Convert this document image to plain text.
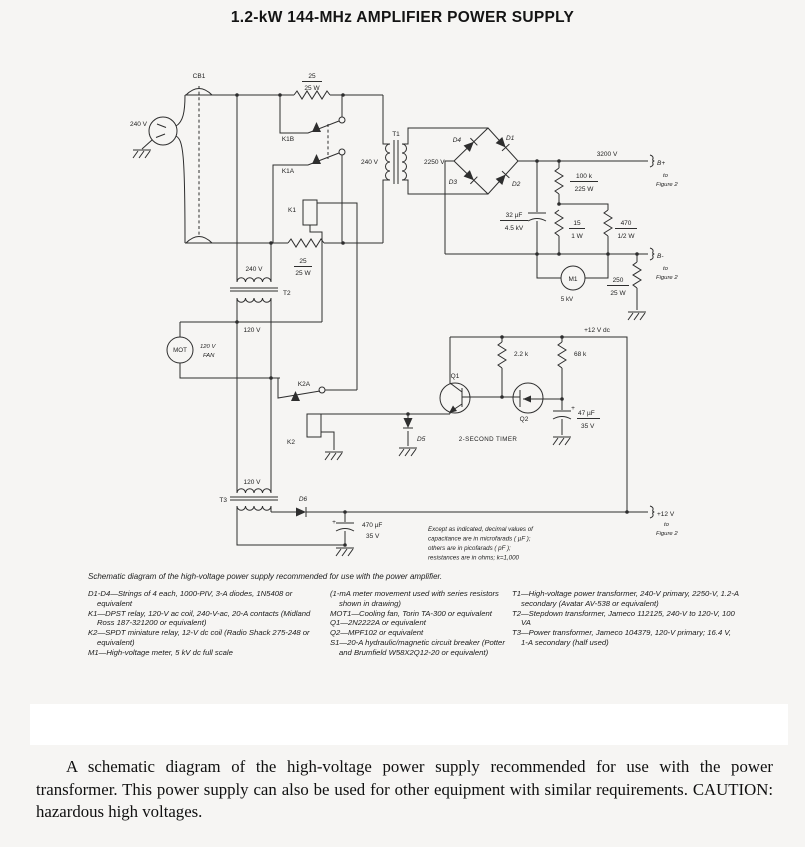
1.2-kW 144-MHz AMPLIFIER POWER SUPPLY
240 V
CB1	25
25 W
25
25 W
K1B
K1A
K1
240 V
T1
2250 V
D4	D1
D3	D2
3200 V
B+
to
Figure 2
32 µF
4.5 kV
100 k
225 W
15
1 W
470
1/2 W
B-
to
Figure 2
M1
5 kV
250
25 W
240 V
T2
120 V
MOT 120 V
FAN
K2A
+12 V dc
2.2 k	68 k
Q1
Q2
+
47 µF
35 V
2-SECOND TIMER
K2	D5
120 V
T3	D6
+	470 µF
35 V
+12 V
to
Figure 2
Except as indicated, decimal values of
capacitance are in microfarads ( µF );
others are in picofarads ( pF );
resistances are in ohms; k=1,000
Schematic diagram of the high-voltage power supply recommended for use with the power amplifier.
D1-D4—Strings of 4 each, 1000-PIV, 3-A diodes, 1N5408 or equivalent
K1—DPST relay, 120-V ac coil, 240-V-ac, 20-A contacts (Midland Ross 187-321200 or equivalent)
K2—SPDT miniature relay, 12-V dc coil (Radio Shack 275-248 or equivalent)
M1—High-voltage meter, 5 kV dc full scale
(1-mA meter movement used with series resistors shown in drawing)
MOT1—Cooling fan, Torin TA-300 or equivalent
Q1—2N2222A or equivalent
Q2—MPF102 or equivalent
S1—20-A hydraulic/magnetic circuit breaker (Potter and Brumfield W58X2Q12-20 or equivalent)
T1—High-voltage power transformer, 240-V primary, 2250-V, 1.2-A secondary (Avatar AV-538 or equivalent)
T2—Stepdown transformer, Jameco 112125, 240-V to 120-V, 100 VA
T3—Power transformer, Jameco 104379, 120-V primary; 16.4 V, 1-A secondary (half used)
A schematic diagram of the high-voltage power supply recommended for use with the power transformer. This power supply can also be used for other equipment with similar requirements. CAUTION: hazardous high voltages.
